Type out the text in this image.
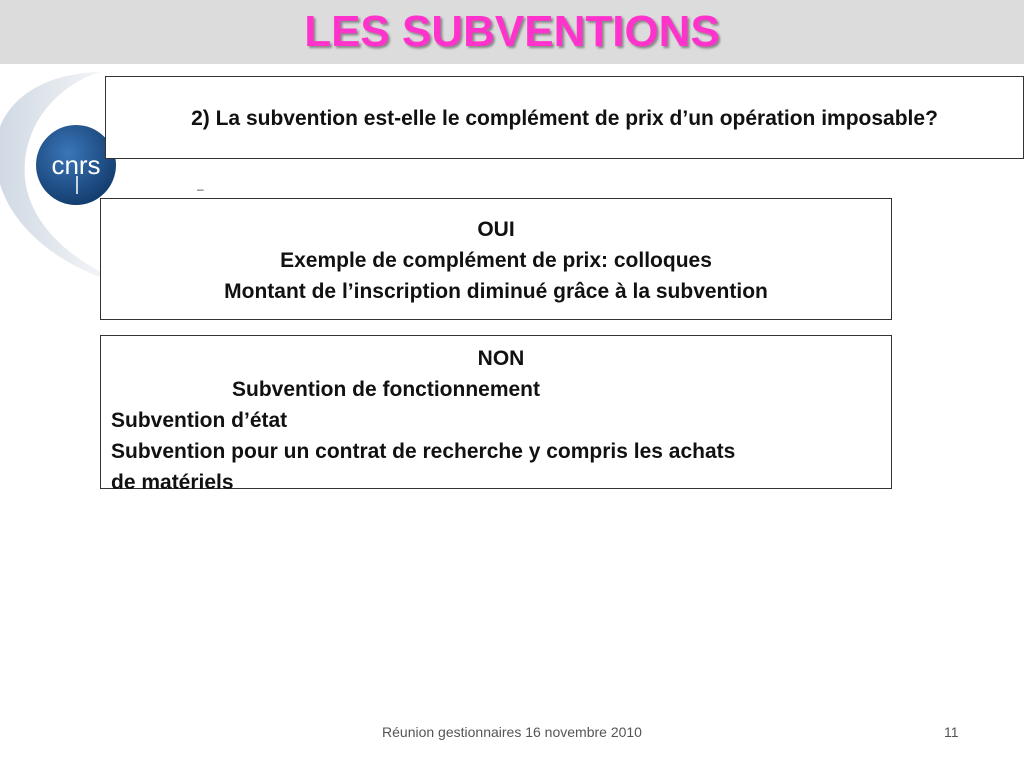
LES SUBVENTIONS
cnrs
2) La subvention est-elle le complément de prix d’un opération imposable?
–
OUI
Exemple de complément de prix: colloques
Montant de l’inscription diminué grâce à la subvention
NON
Subvention de fonctionnement
Subvention d’état
Subvention pour un contrat de recherche y compris les achats
de matériels
Réunion gestionnaires 16 novembre 2010	11
